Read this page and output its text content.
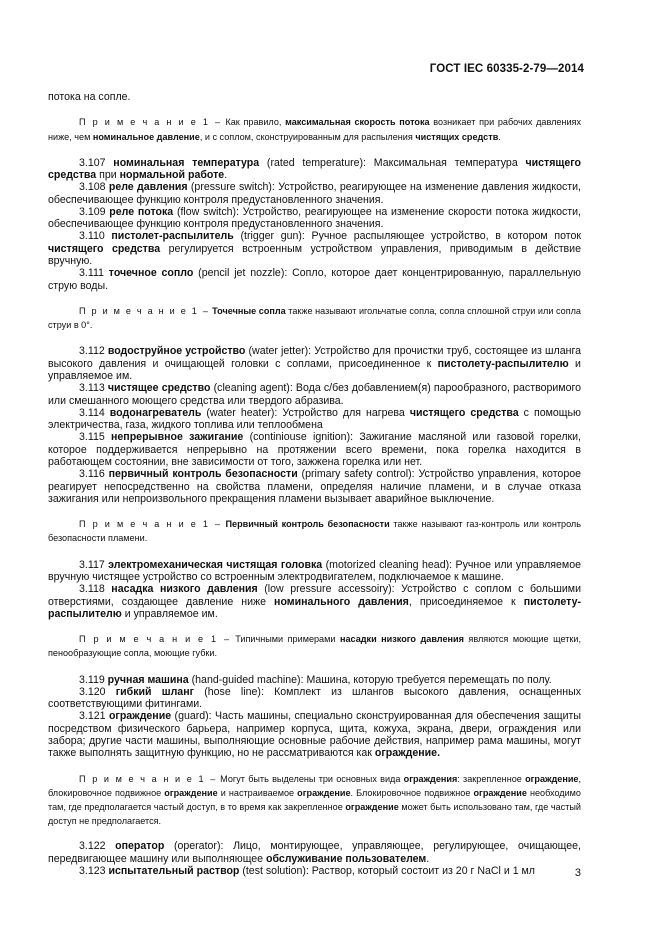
ГОСТ IEC 60335-2-79—2014

потока на сопле.

П р и м е ч а н и е 1 – Как правило, максимальная скорость потока возникает при рабочих давлениях ниже, чем номинальное давление, и с соплом, сконструированным для распыления чистящих средств.

3.107 номинальная температура (rated temperature): Максимальная температура чистящего средства при нормальной работе.

3.108 реле давления (pressure switch): Устройство, реагирующее на изменение давления жидкости, обеспечивающее функцию контроля предустановленного значения.

3.109 реле потока (flow switch): Устройство, реагирующее на изменение скорости потока жидкости, обеспечивающее функцию контроля предустановленного значения.

3.110 пистолет-распылитель (trigger gun): Ручное распыляющее устройство, в котором поток чистящего средства регулируется встроенным устройством управления, приводимым в действие вручную.

3.111 точечное сопло (pencil jet nozzle): Сопло, которое дает концентрированную, параллельную струю воды.

П р и м е ч а н и е 1 – Точечные сопла также называют игольчатые сопла, сопла сплошной струи или сопла струи в 0°.

3.112 водоструйное устройство (water jetter): Устройство для прочистки труб, состоящее из шланга высокого давления и очищающей головки с соплами, присоединенное к пистолету-распылителю и управляемое им.

3.113 чистящее средство (cleaning agent): Вода с/без добавлением(я) парообразного, растворимого или смешанного моющего средства или твердого абразива.

3.114 водонагреватель (water heater): Устройство для нагрева чистящего средства с помощью электричества, газа, жидкого топлива или теплообмена

3.115 непрерывное зажигание (continiouse ignition): Зажигание масляной или газовой горелки, которое поддерживается непрерывно на протяжении всего времени, пока горелка находится в работающем состоянии, вне зависимости от того, зажжена горелка или нет.

3.116 первичный контроль безопасности (primary safety control): Устройство управления, которое реагирует непосредственно на свойства пламени, определяя наличие пламени, и в случае отказа зажигания или непроизвольного прекращения пламени вызывает аварийное выключение.

П р и м е ч а н и е 1 – Первичный контроль безопасности также называют газ-контроль или контроль безопасности пламени.

3.117 электромеханическая чистящая головка (motorized cleaning head): Ручное или управляемое вручную чистящее устройство со встроенным электродвигателем, подключаемое к машине.

3.118 насадка низкого давления (low pressure accessoiry): Устройство с соплом с большими отверстиями, создающее давление ниже номинального давления, присоединяемое к пистолету-распылителю и управляемое им.

П р и м е ч а н и е 1 – Типичными примерами насадки низкого давления являются моющие щетки, пенообразующие сопла, моющие губки.

3.119 ручная машина (hand-guided machine): Машина, которую требуется перемещать по полу.

3.120 гибкий шланг (hose line): Комплект из шлангов высокого давления, оснащенных соответствующими фитингами.

3.121 ограждение (guard): Часть машины, специально сконструированная для обеспечения защиты посредством физического барьера, например корпуса, щита, кожуха, экрана, двери, ограждения или забора; другие части машины, выполняющие основные рабочие действия, например рама машины, могут также выполнять защитную функцию, но не рассматриваются как ограждение.

П р и м е ч а н и е 1 – Могут быть выделены три основных вида ограждения: закрепленное ограждение, блокировочное подвижное ограждение и настраиваемое ограждение. Блокировочное подвижное ограждение необходимо там, где предполагается частый доступ, в то время как закрепленное ограждение может быть использовано там, где частый доступ не предполагается.

3.122 оператор (operator): Лицо, монтирующее, управляющее, регулирующее, очищающее, передвигающее машину или выполняющее обслуживание пользователем.

3.123 испытательный раствор (test solution): Раствор, который состоит из 20 г NaCl и 1 мл	3
